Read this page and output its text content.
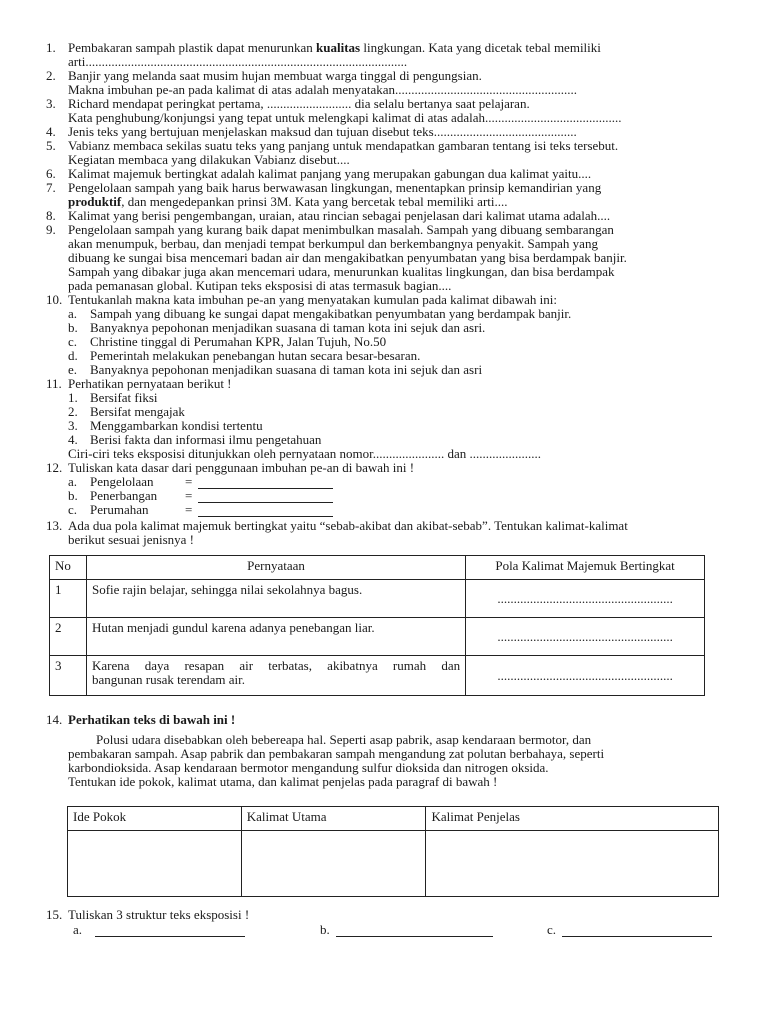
1. Pembakaran sampah plastik dapat menurunkan kualitas lingkungan. Kata yang dicetak tebal memiliki
arti...................................................................................................
2. Banjir yang melanda saat musim hujan membuat warga tinggal di pengungsian.
Makna imbuhan pe-an pada kalimat di atas adalah menyatakan........................................................
3. Richard mendapat peringkat pertama, .......................... dia selalu bertanya saat pelajaran.
Kata penghubung/konjungsi yang tepat untuk melengkapi kalimat di atas adalah..........................................
4. Jenis teks yang bertujuan menjelaskan maksud dan tujuan disebut teks............................................
5. Vabianz membaca sekilas suatu teks yang panjang untuk mendapatkan gambaran tentang isi teks tersebut.
Kegiatan membaca yang dilakukan Vabianz disebut....
6. Kalimat majemuk bertingkat adalah kalimat panjang yang merupakan gabungan dua kalimat yaitu....
7. Pengelolaan sampah yang baik harus berwawasan lingkungan, menentapkan prinsip kemandirian yang
produktif, dan mengedepankan prinsi 3M. Kata yang bercetak tebal memiliki arti....
8. Kalimat yang berisi pengembangan, uraian, atau rincian sebagai penjelasan dari kalimat utama adalah....
9. Pengelolaan sampah yang kurang baik dapat menimbulkan masalah. Sampah yang dibuang sembarangan
akan menumpuk, berbau, dan menjadi tempat berkumpul dan berkembangnya penyakit. Sampah yang
dibuang ke sungai bisa mencemari badan air dan mengakibatkan penyumbatan yang bisa berdampak banjir.
Sampah yang dibakar juga akan mencemari udara, menurunkan kualitas lingkungan, dan bisa berdampak
pada pemanasan global. Kutipan teks eksposisi di atas termasuk bagian....
10. Tentukanlah makna kata imbuhan pe-an yang menyatakan kumulan pada kalimat dibawah ini:
a. Sampah yang dibuang ke sungai dapat mengakibatkan penyumbatan yang berdampak banjir.
b. Banyaknya pepohonan menjadikan suasana di taman kota ini sejuk dan asri.
c. Christine tinggal di Perumahan KPR, Jalan Tujuh, No.50
d. Pemerintah melakukan penebangan hutan secara besar-besaran.
e. Banyaknya pepohonan menjadikan suasana di taman kota ini sejuk dan asri
11. Perhatikan pernyataan berikut !
1. Bersifat fiksi
2. Bersifat mengajak
3. Menggambarkan kondisi tertentu
4. Berisi fakta dan informasi ilmu pengetahuan
Ciri-ciri teks eksposisi ditunjukkan oleh pernyataan nomor...................... dan ......................
12. Tuliskan kata dasar dari penggunaan imbuhan pe-an di bawah ini !
a. Pengelolaan =
b. Penerbangan =
c. Perumahan	=
13. Ada dua pola kalimat majemuk bertingkat yaitu “sebab-akibat dan akibat-sebab”. Tentukan kalimat-kalimat
berikut sesuai jenisnya !
No	Pernyataan	Pola Kalimat Majemuk Bertingkat
1	Sofie rajin belajar, sehingga nilai sekolahnya bagus.	......................................................
2	Hutan menjadi gundul karena adanya penebangan liar.	......................................................
3	Karena daya resapan air terbatas, akibatnya rumah dan
bangunan rusak terendam air.	......................................................
14. Perhatikan teks di bawah ini !
Polusi udara disebabkan oleh bebereapa hal. Seperti asap pabrik, asap kendaraan bermotor, dan
pembakaran sampah. Asap pabrik dan pembakaran sampah mengandung zat polutan berbahaya, seperti
karbondioksida. Asap kendaraan bermotor mengandung sulfur dioksida dan nitrogen oksida.
Tentukan ide pokok, kalimat utama, dan kalimat penjelas pada paragraf di bawah !
Ide Pokok	Kalimat Utama	Kalimat Penjelas

15. Tuliskan 3 struktur teks eksposisi !
a.	b.	c.
